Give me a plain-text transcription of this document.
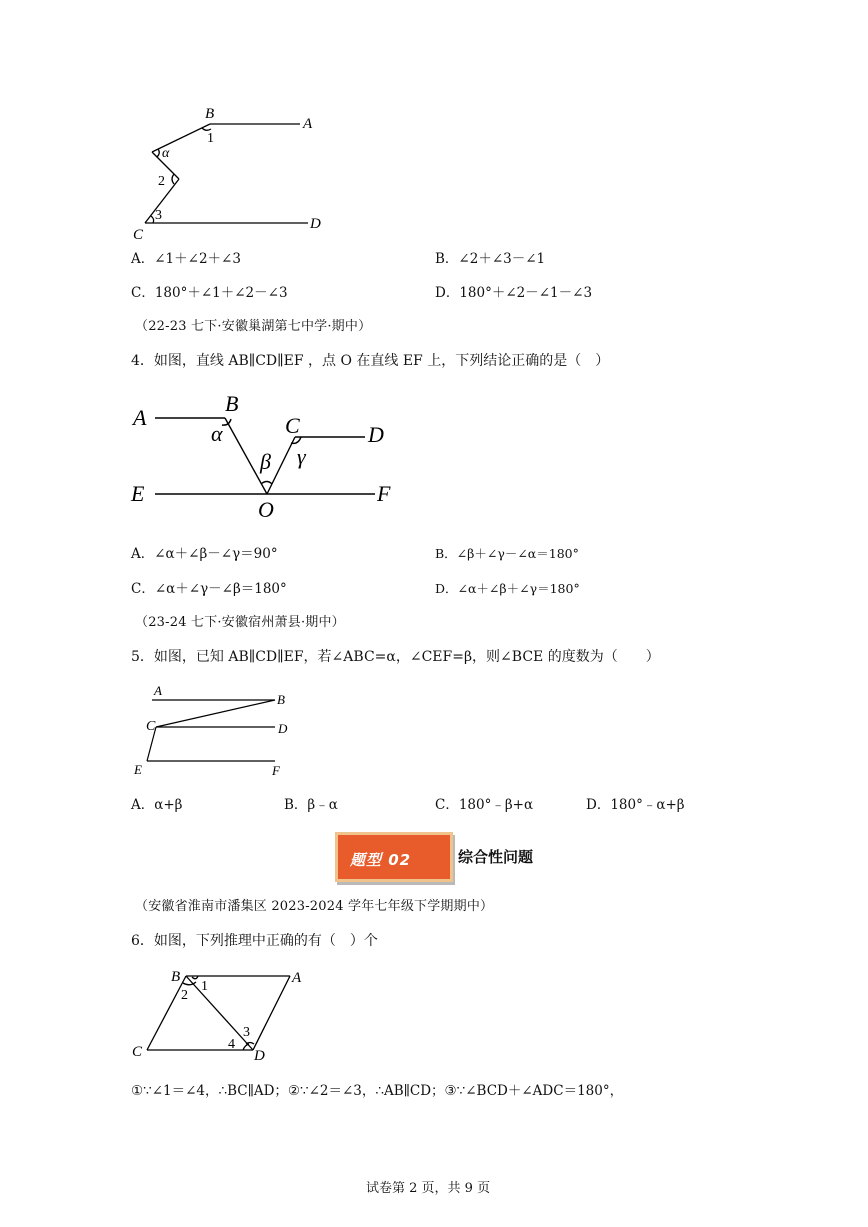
B
A
1
α
2
3
C
D
A．∠1＋∠2＋∠3	B．∠2＋∠3－∠1
C．180°＋∠1＋∠2－∠3	D．180°＋∠2－∠1－∠3
（22-23 七下·安徽巢湖第七中学·期中）
4．如图，直线 AB∥CD∥EF ，点 O 在直线 EF 上，下列结论正确的是（　）
A
B
α	C	D
γ
β
E	F
O
A．∠α＋∠β－∠γ＝90°	B．∠β＋∠γ－∠α＝180°
C．∠α＋∠γ－∠β＝180°	D．∠α＋∠β＋∠γ＝180°
（23-24 七下·安徽宿州萧县·期中）
5．如图，已知 AB∥CD∥EF，若∠ABC=α，∠CEF=β，则∠BCE 的度数为（　　）
A
B
C	D
E	F
A．α+β	B．β﹣α	C．180°﹣β+α	D．180°﹣α+β
题型 02	综合性问题
（安徽省淮南市潘集区 2023-2024 学年七年级下学期期中）
6．如图，下列推理中正确的有（　）个
B	A
1
2
3
4
C	D
①∵∠1＝∠4，∴BC∥AD；②∵∠2＝∠3，∴AB∥CD；③∵∠BCD＋∠ADC＝180°，
试卷第 2 页，共 9 页
